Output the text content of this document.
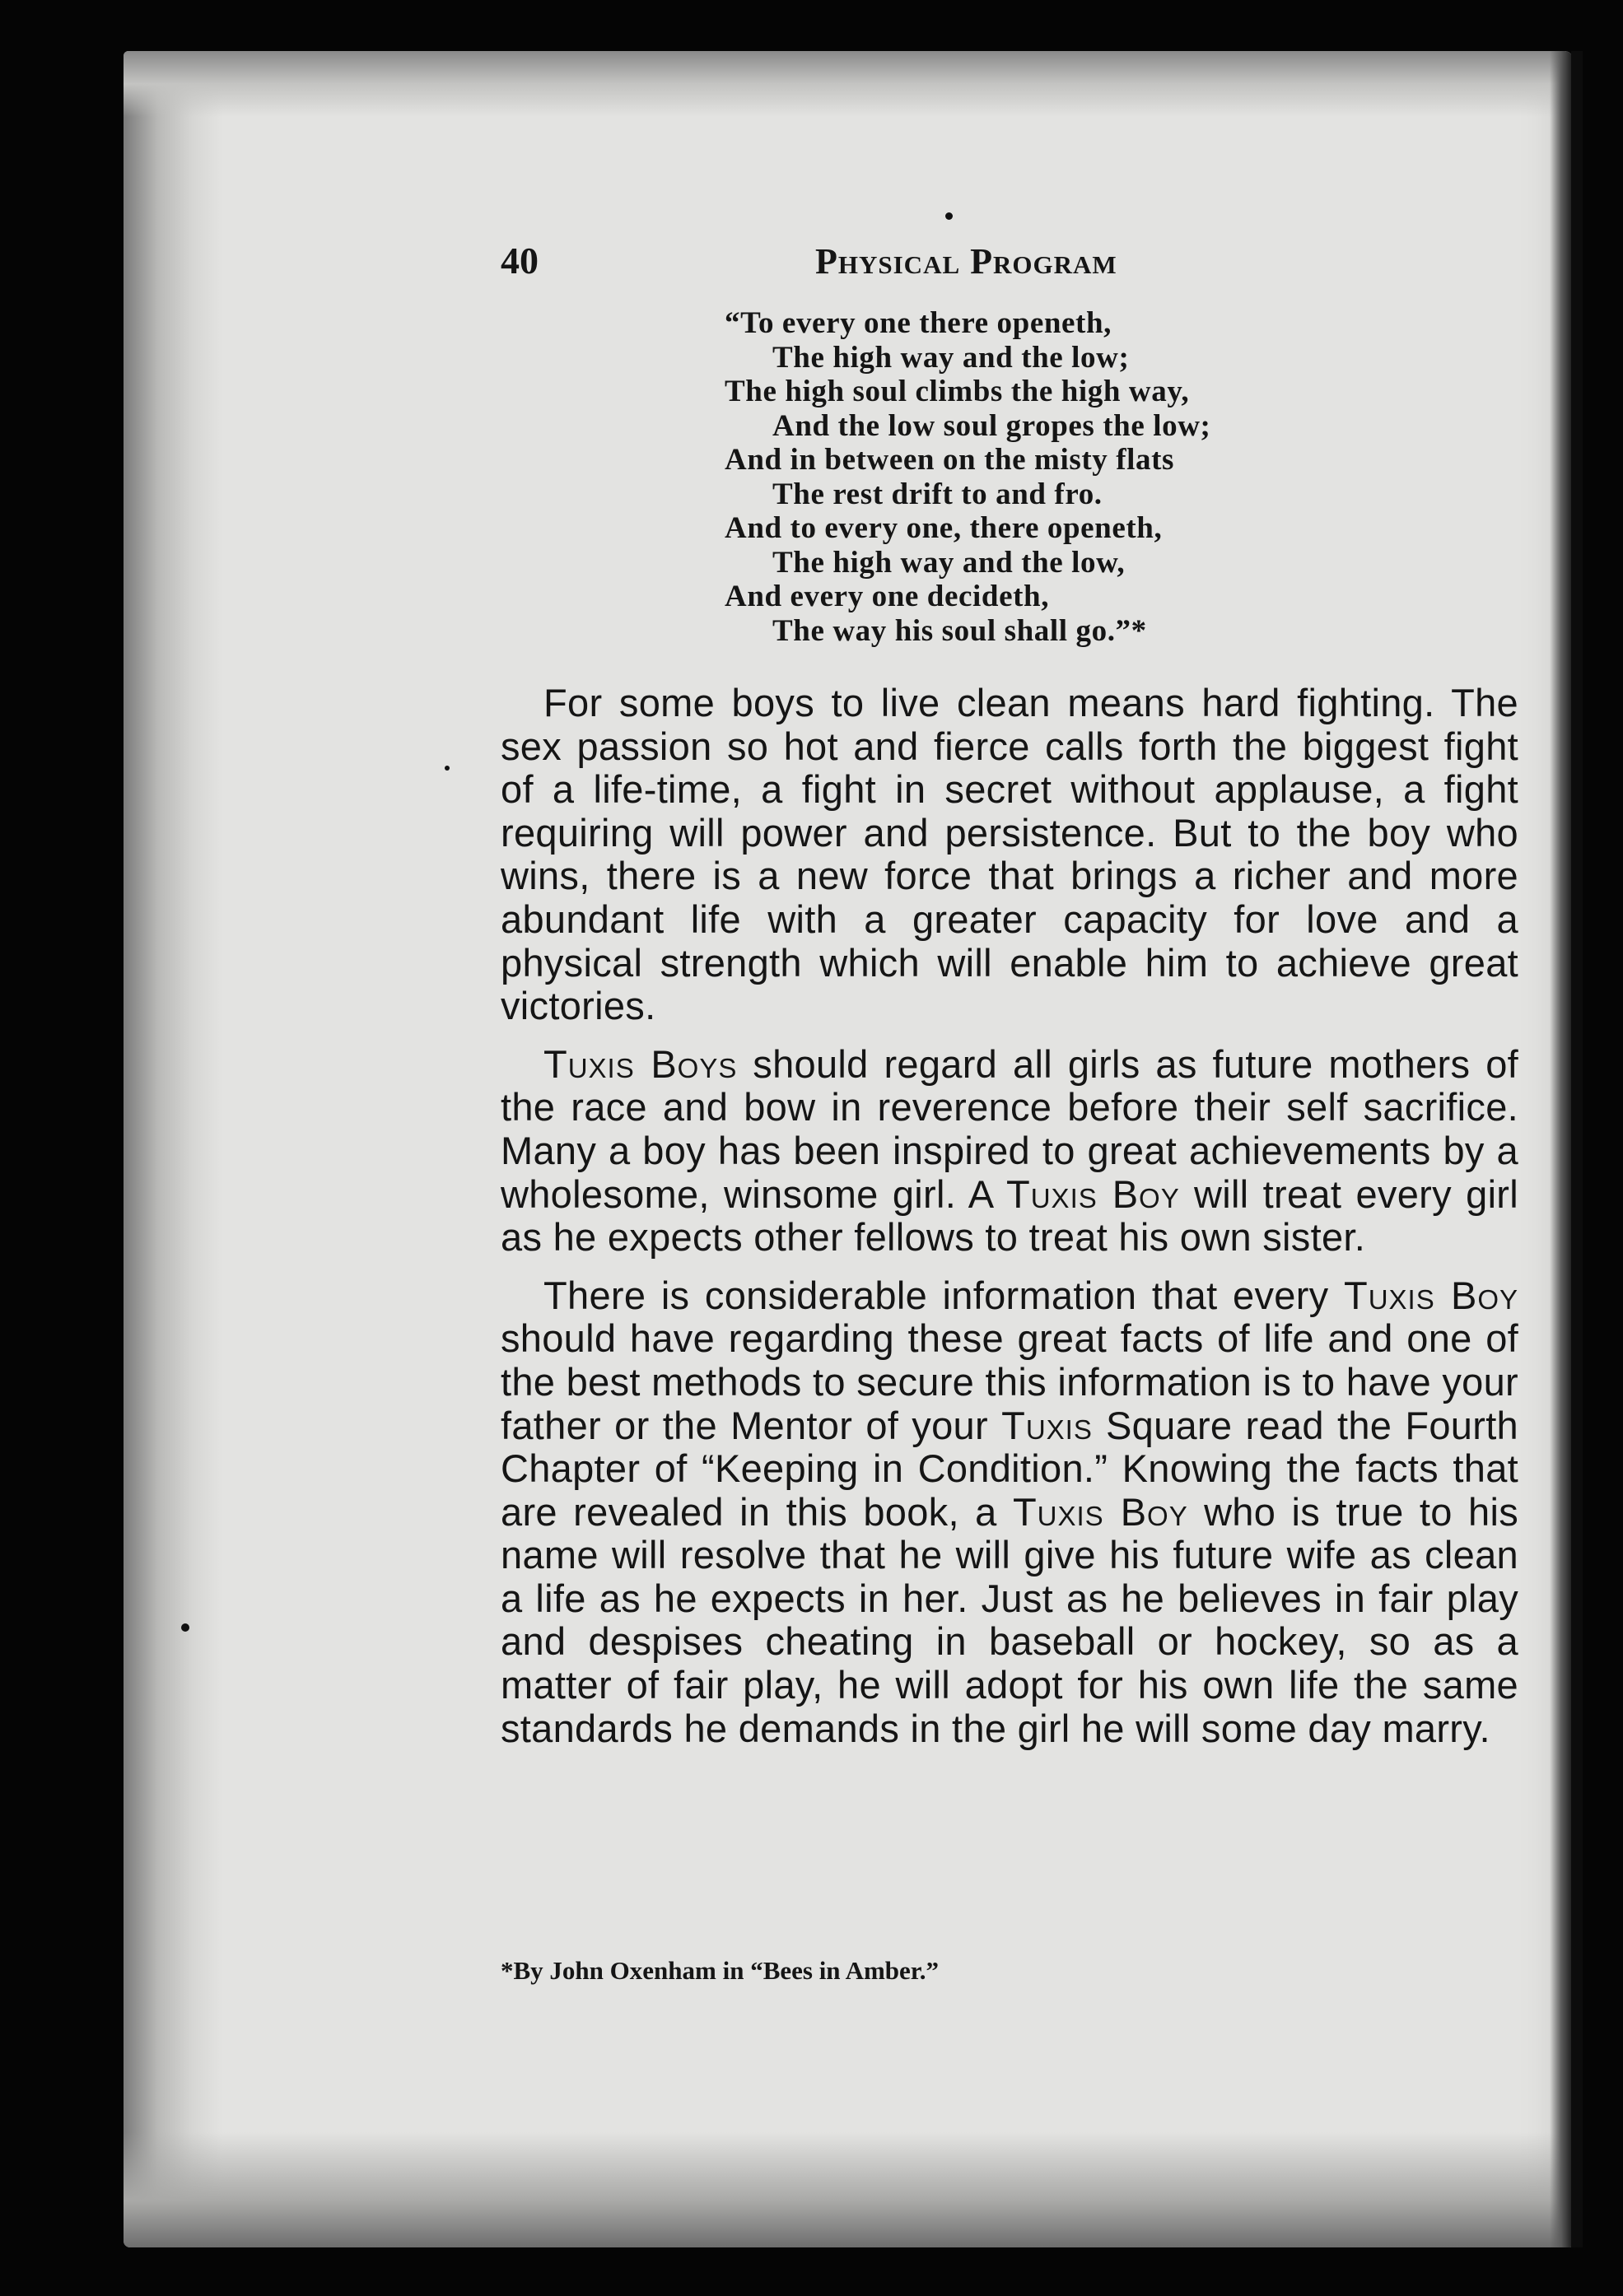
40	Physical Program
“To every one there openeth,
The high way and the low;
The high soul climbs the high way,
And the low soul gropes the low;
And in between on the misty flats
The rest drift to and fro.
And to every one, there openeth,
The high way and the low,
And every one decideth,
The way his soul shall go.”*

For some boys to live clean means hard fighting. The sex passion so hot and fierce calls forth the biggest fight of a life-time, a fight in secret without applause, a fight requiring will power and persistence. But to the boy who wins, there is a new force that brings a richer and more abundant life with a greater capacity for love and a physical strength which will enable him to achieve great victories.

Tuxis Boys should regard all girls as future mothers of the race and bow in reverence before their self sacrifice. Many a boy has been inspired to great achievements by a wholesome, winsome girl. A Tuxis Boy will treat every girl as he expects other fellows to treat his own sister.

There is considerable information that every Tuxis Boy should have regarding these great facts of life and one of the best methods to secure this information is to have your father or the Mentor of your Tuxis Square read the Fourth Chapter of “Keeping in Condition.” Knowing the facts that are revealed in this book, a Tuxis Boy who is true to his name will resolve that he will give his future wife as clean a life as he expects in her. Just as he believes in fair play and despises cheating in baseball or hockey, so as a matter of fair play, he will adopt for his own life the same standards he demands in the girl he will some day marry.

*By John Oxenham in “Bees in Amber.”
